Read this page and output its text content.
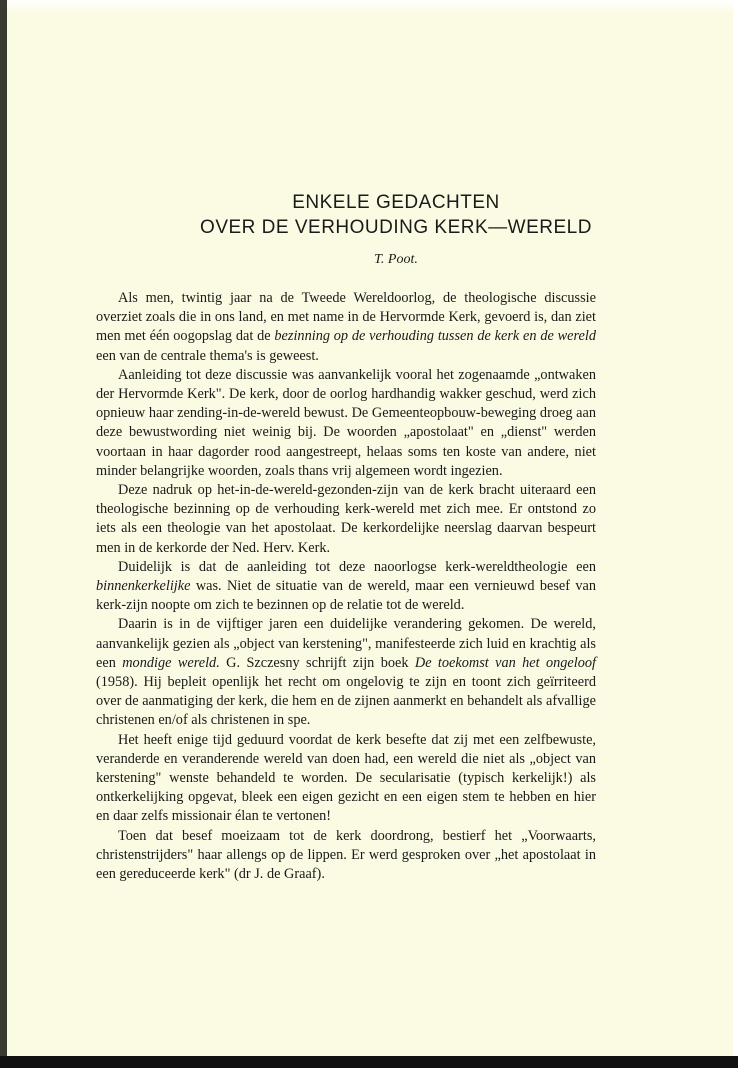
ENKELE GEDACHTEN
OVER DE VERHOUDING KERK—WERELD
T. Poot.

Als men, twintig jaar na de Tweede Wereldoorlog, de theologische discussie overziet zoals die in ons land, en met name in de Hervormde Kerk, gevoerd is, dan ziet men met één oogopslag dat de bezinning op de verhouding tussen de kerk en de wereld een van de centrale thema's is geweest.

Aanleiding tot deze discussie was aanvankelijk vooral het zogenaamde „ontwaken der Hervormde Kerk". De kerk, door de oorlog hardhandig wakker geschud, werd zich opnieuw haar zending-in-de-wereld bewust. De Gemeenteopbouw-beweging droeg aan deze bewustwording niet weinig bij. De woorden „apostolaat" en „dienst" werden voortaan in haar dagorder rood aangestreept, helaas soms ten koste van andere, niet minder belangrijke woorden, zoals thans vrij algemeen wordt ingezien.

Deze nadruk op het-in-de-wereld-gezonden-zijn van de kerk bracht uiteraard een theologische bezinning op de verhouding kerk-wereld met zich mee. Er ontstond zo iets als een theologie van het apostolaat. De kerkordelijke neerslag daarvan bespeurt men in de kerkorde der Ned. Herv. Kerk.

Duidelijk is dat de aanleiding tot deze naoorlogse kerk-wereldtheologie een binnenkerkelijke was. Niet de situatie van de wereld, maar een vernieuwd besef van kerk-zijn noopte om zich te bezinnen op de relatie tot de wereld.

Daarin is in de vijftiger jaren een duidelijke verandering gekomen. De wereld, aanvankelijk gezien als „object van kerstening", manifesteerde zich luid en krachtig als een mondige wereld. G. Szczesny schrijft zijn boek De toekomst van het ongeloof (1958). Hij bepleit openlijk het recht om ongelovig te zijn en toont zich geïrriteerd over de aanmatiging der kerk, die hem en de zijnen aanmerkt en behandelt als afvallige christenen en/of als christenen in spe.

Het heeft enige tijd geduurd voordat de kerk besefte dat zij met een zelfbewuste, veranderde en veranderende wereld van doen had, een wereld die niet als „object van kerstening" wenste behandeld te worden. De secularisatie (typisch kerkelijk!) als ontkerkelijking opgevat, bleek een eigen gezicht en een eigen stem te hebben en hier en daar zelfs missionair élan te vertonen!

Toen dat besef moeizaam tot de kerk doordrong, bestierf het „Voorwaarts, christenstrijders" haar allengs op de lippen. Er werd gesproken over „het apostolaat in een gereduceerde kerk" (dr J. de Graaf).
